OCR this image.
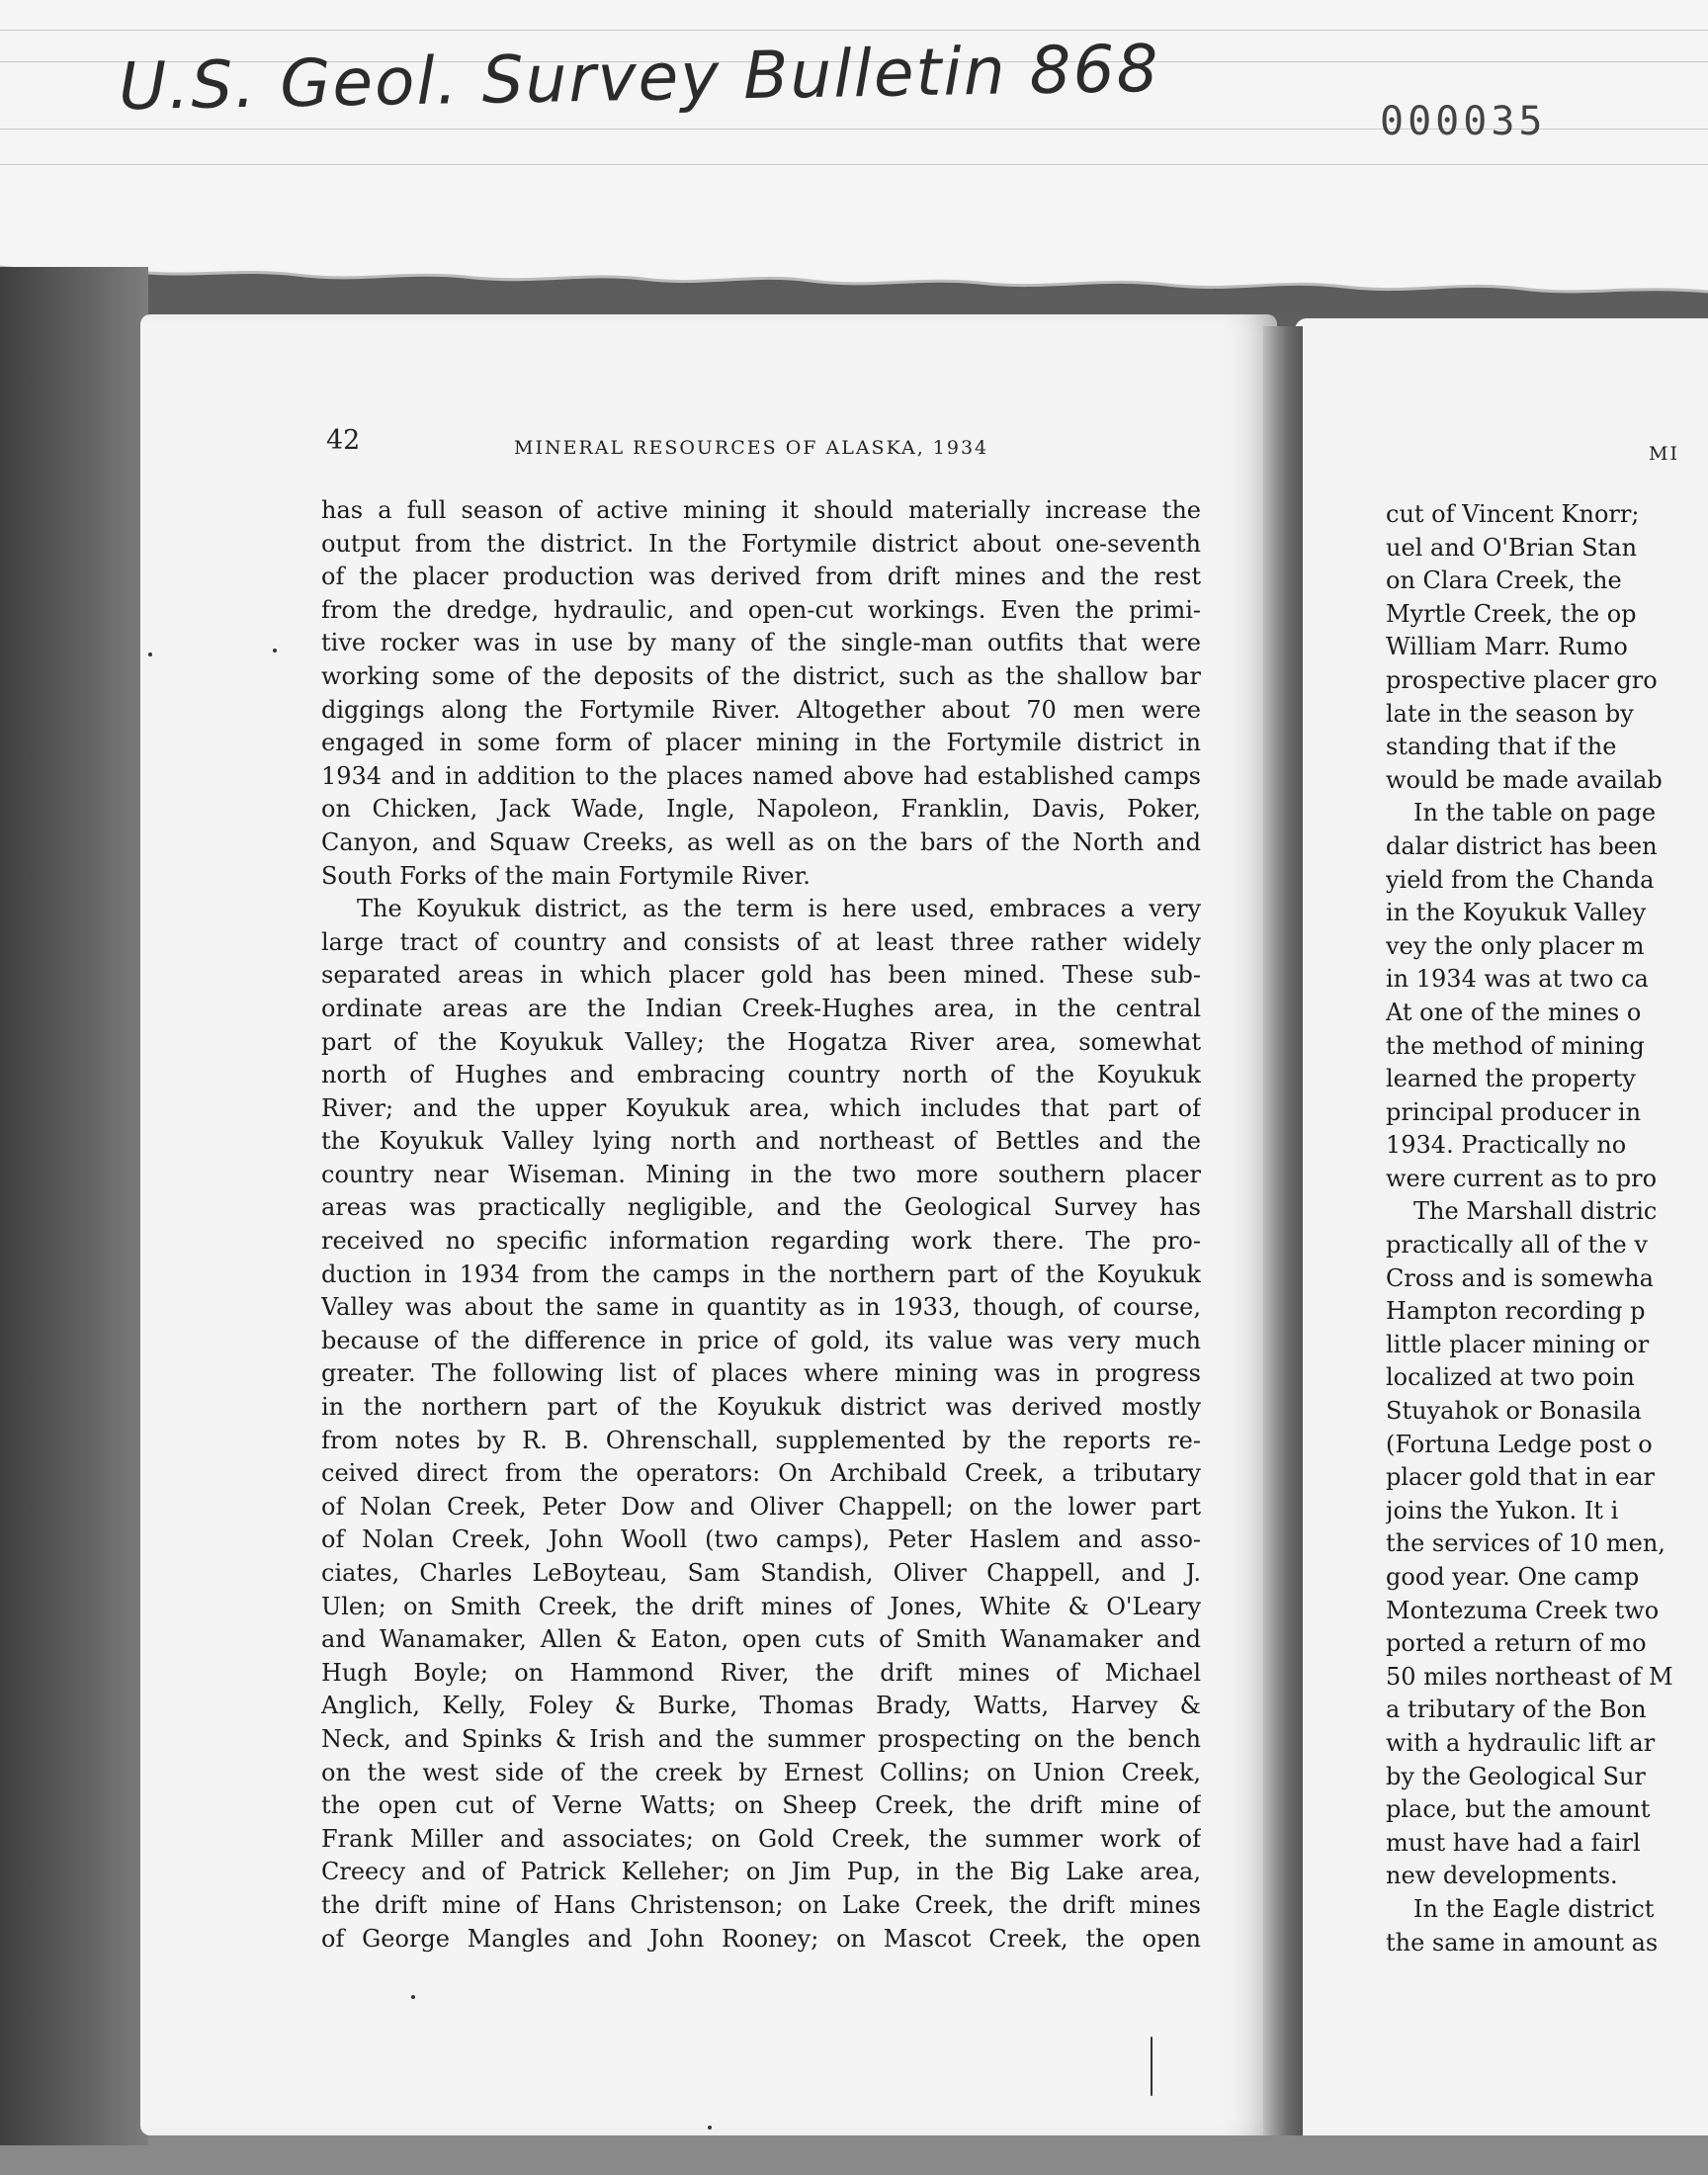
U.S. Geol. Survey Bulletin 868	000035
42	MINERAL RESOURCES OF ALASKA, 1934	MI
has a full season of active mining it should materially increase the
output from the district. In the Fortymile district about one-seventh
of the placer production was derived from drift mines and the rest
from the dredge, hydraulic, and open-cut workings. Even the primi-
tive rocker was in use by many of the single-man outfits that were
working some of the deposits of the district, such as the shallow bar
diggings along the Fortymile River. Altogether about 70 men were
engaged in some form of placer mining in the Fortymile district in
1934 and in addition to the places named above had established camps
on Chicken, Jack Wade, Ingle, Napoleon, Franklin, Davis, Poker,
Canyon, and Squaw Creeks, as well as on the bars of the North and
South Forks of the main Fortymile River.
The Koyukuk district, as the term is here used, embraces a very
large tract of country and consists of at least three rather widely
separated areas in which placer gold has been mined. These sub-
ordinate areas are the Indian Creek-Hughes area, in the central
part of the Koyukuk Valley; the Hogatza River area, somewhat
north of Hughes and embracing country north of the Koyukuk
River; and the upper Koyukuk area, which includes that part of
the Koyukuk Valley lying north and northeast of Bettles and the
country near Wiseman. Mining in the two more southern placer
areas was practically negligible, and the Geological Survey has
received no specific information regarding work there. The pro-
duction in 1934 from the camps in the northern part of the Koyukuk
Valley was about the same in quantity as in 1933, though, of course,
because of the difference in price of gold, its value was very much
greater. The following list of places where mining was in progress
in the northern part of the Koyukuk district was derived mostly
from notes by R. B. Ohrenschall, supplemented by the reports re-
ceived direct from the operators: On Archibald Creek, a tributary
of Nolan Creek, Peter Dow and Oliver Chappell; on the lower part
of Nolan Creek, John Wooll (two camps), Peter Haslem and asso-
ciates, Charles LeBoyteau, Sam Standish, Oliver Chappell, and J.
Ulen; on Smith Creek, the drift mines of Jones, White & O'Leary
and Wanamaker, Allen & Eaton, open cuts of Smith Wanamaker and
Hugh Boyle; on Hammond River, the drift mines of Michael
Anglich, Kelly, Foley & Burke, Thomas Brady, Watts, Harvey &
Neck, and Spinks & Irish and the summer prospecting on the bench
on the west side of the creek by Ernest Collins; on Union Creek,
the open cut of Verne Watts; on Sheep Creek, the drift mine of
Frank Miller and associates; on Gold Creek, the summer work of
Creecy and of Patrick Kelleher; on Jim Pup, in the Big Lake area,
the drift mine of Hans Christenson; on Lake Creek, the drift mines
of George Mangles and John Rooney; on Mascot Creek, the open
cut of Vincent Knorr;
uel and O'Brian Stan
on Clara Creek, the
Myrtle Creek, the op
William Marr. Rumo
prospective placer gro
late in the season by
standing that if the
would be made availab
In the table on page
dalar district has been
yield from the Chanda
in the Koyukuk Valley
vey the only placer m
in 1934 was at two ca
At one of the mines o
the method of mining
learned the property
principal producer in
1934. Practically no
were current as to pro
The Marshall distric
practically all of the v
Cross and is somewha
Hampton recording p
little placer mining or
localized at two poin
Stuyahok or Bonasila
(Fortuna Ledge post o
placer gold that in ear
joins the Yukon. It i
the services of 10 men,
good year. One camp
Montezuma Creek two
ported a return of mo
50 miles northeast of M
a tributary of the Bon
with a hydraulic lift ar
by the Geological Sur
place, but the amount
must have had a fairl
new developments.
In the Eagle district
the same in amount as
